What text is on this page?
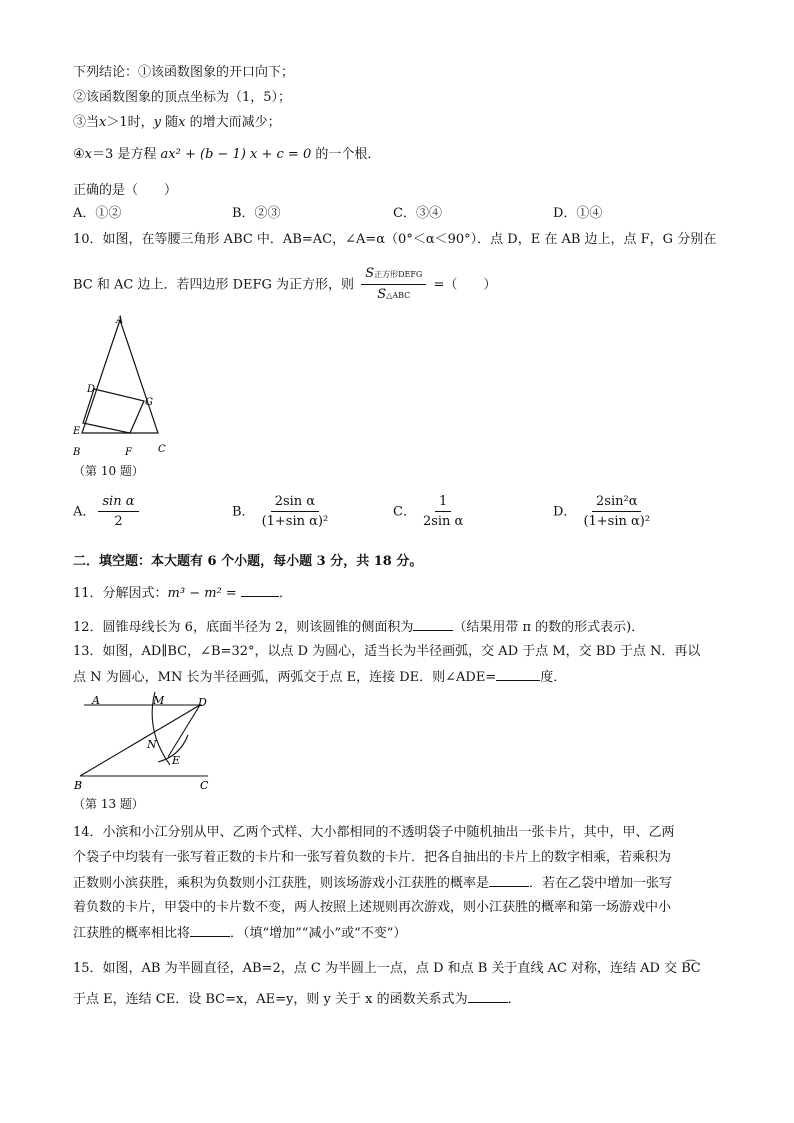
下列结论：①该函数图象的开口向下；
②该函数图象的顶点坐标为（1，5）；
③当x＞1时，y 随x 的增大而减少；
④x＝3 是方程 ax² + (b − 1) x + c = 0 的一个根．
正确的是（　　）
A．①②	B．②③	C．③④	D．①④
10．如图，在等腰三角形 ABC 中．AB=AC，∠A=α（0°＜α＜90°）．点 D，E 在 AB 边上，点 F，G 分别在
BC 和 AC 边上．若四边形 DEFG 为正方形，则 $\frac{\text{S正方形DEFG}}{\text{S△ABC}}$ =（　　）
A
D
G
E
B	F	C
（第 10 题）
A． $\frac{\text{sin α}}{2}$	B． $\frac{\text{2sin α}}{\text{(1+sin α)²}}$	C． $\frac{1}{\text{2sin α}}$	D． $\frac{\text{2sin²α}}{\text{(1+sin α)²}}$
二．填空题：本大题有 6 个小题，每小题 3 分，共 18 分。
11．分解因式：m³ − m² =	．
12．圆锥母线长为 6，底面半径为 2，则该圆锥的侧面积为	（结果用带 π 的数的形式表示)．
13．如图，AD∥BC，∠B=32°，以点 D 为圆心，适当长为半径画弧，交 AD 于点 M，交 BD 于点 N．再以
点 N 为圆心，MN 长为半径画弧，两弧交于点 E，连接 DE．则∠ADE=	度．
A	M	D
N
E
B	C
（第 13 题）
14．小滨和小江分别从甲、乙两个式样、大小都相同的不透明袋子中随机抽出一张卡片，其中，甲、乙两
个袋子中均装有一张写着正数的卡片和一张写着负数的卡片．把各自抽出的卡片上的数字相乘，若乘积为
正数则小滨获胜，乘积为负数则小江获胜，则该场游戏小江获胜的概率是	．若在乙袋中增加一张写
着负数的卡片，甲袋中的卡片数不变，两人按照上述规则再次游戏，则小江获胜的概率和第一场游戏中小
江获胜的概率相比将	．（填“增加”“减小”或“不变”）
15．如图，AB 为半圆直径，AB=2，点 C 为半圆上一点，点 D 和点 B 关于直线 AC 对称，连结 AD 交 B͡C
于点 E，连结 CE．设 BC=x，AE=y，则 y 关于 x 的函数关系式为	．
